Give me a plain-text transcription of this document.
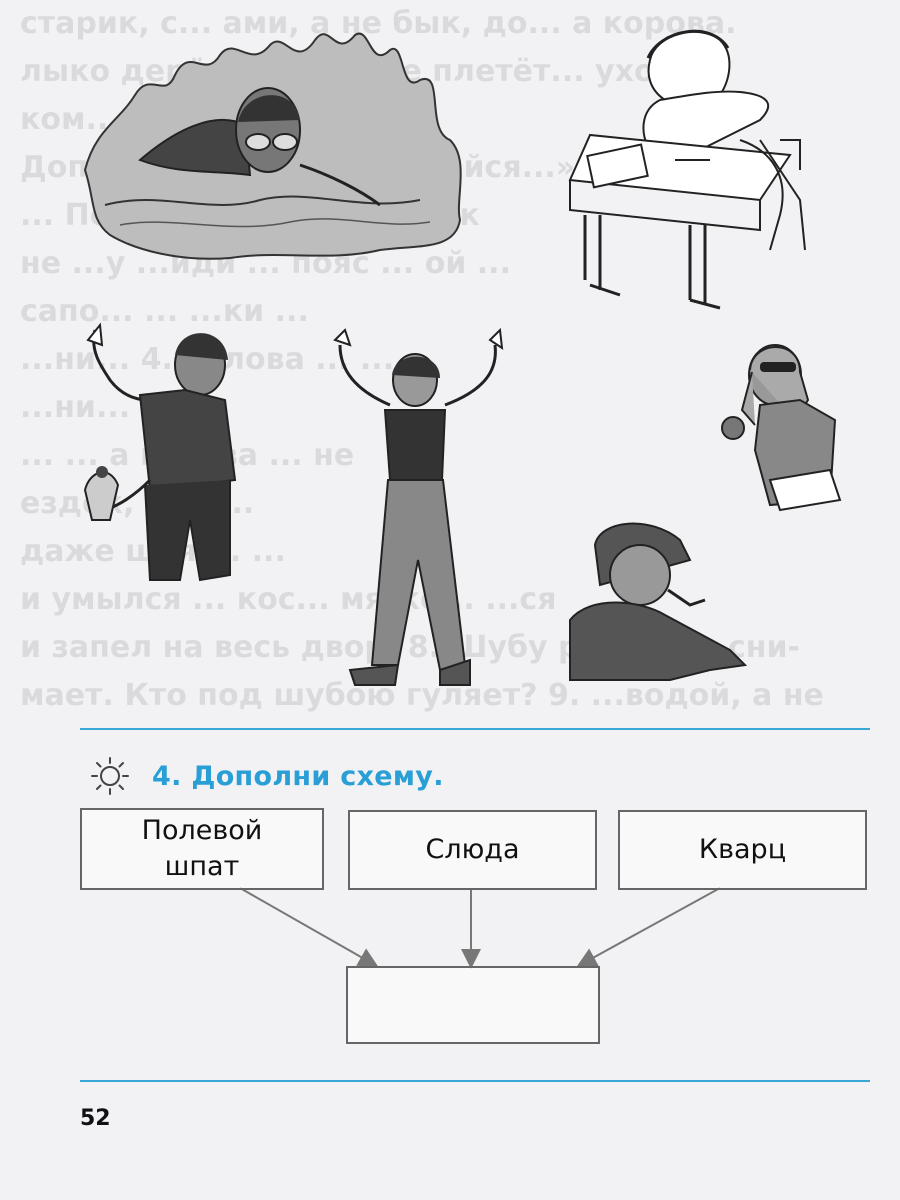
старик, с... ами, а не бык, до... а корова.
лыко плетёт... ухо,
ком...
...
не ...у ...иди ... пояс ... ой ...
сапо... ... ...ки ...
...ни... 4. Голова ... ...
...ни... ...
... ... а ... не
ездок, а ... ...
даже ...
и умылся ... кос... мягко... ...ся
и запел на весь двор. 8. Шубу раз в год сни-
мает. Кто под шубою гуляет? 9. ...водой, а не
4. Дополни схему.
Полевой
шпат
Слюда	Кварц
52
